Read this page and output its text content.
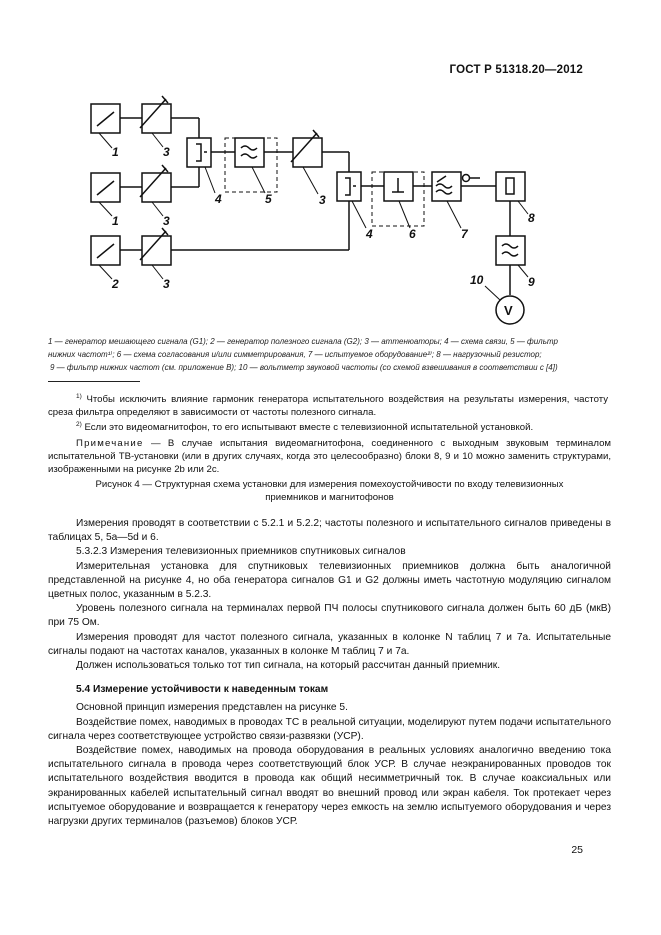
ГОСТ Р 51318.20—2012
1
1
2
3
3
3
3
4
4
5
6	7
8
9
10
V
1 — генератор мешающего сигнала (G1); 2 — генератор полезного сигнала (G2); 3 — аттенюаторы; 4 — схема связи, 5 — фильтр
нижних частот¹⁾; 6 — схема согласования и/или симметрирования, 7 — испытуемое оборудование²⁾; 8 — нагрузочный резистор;
9 — фильтр нижних частот (см. приложение В); 10 — вольтметр звуковой частоты (со схемой взвешивания в соответствии с [4])
$^{1)}$ Чтобы исключить влияние гармоник генератора испытательного воздействия на результаты измерения, частоту среза фильтра определяют в зависимости от частоты полезного сигнала.
$^{2)}$ Если это видеомагнитофон, то его испытывают вместе с телевизионной испытательной установкой.
Примечание — В случае испытания видеомагнитофона, соединенного с выходным звуковым терминалом испытательной ТВ-установки (или в других случаях, когда это целесообразно) блоки 8, 9 и 10 можно заменить структурами, изображенными на рисунке 2b или 2c.
Рисунок 4 — Структурная схема установки для измерения помехоустойчивости по входу телевизионных
приемников и магнитофонов

Измерения проводят в соответствии с 5.2.1 и 5.2.2; частоты полезного и испытательного сигналов приведены в таблицах 5, 5а—5d и 6.

5.3.2.3 Измерения телевизионных приемников спутниковых сигналов

Измерительная установка для спутниковых телевизионных приемников должна быть аналогичной представленной на рисунке 4, но оба генератора сигналов G1 и G2 должны иметь частотную модуляцию сигналом цветных полос, указанным в 5.2.3.

Уровень полезного сигнала на терминалах первой ПЧ полосы спутникового сигнала должен быть 60 дБ (мкВ) при 75 Ом.

Измерения проводят для частот полезного сигнала, указанных в колонке N таблиц 7 и 7а. Испытательные сигналы подают на частотах каналов, указанных в колонке M таблиц 7 и 7а.

Должен использоваться только тот тип сигнала, на который рассчитан данный приемник.

5.4 Измерение устойчивости к наведенным токам

Основной принцип измерения представлен на рисунке 5.

Воздействие помех, наводимых в проводах ТС в реальной ситуации, моделируют путем подачи испытательного сигнала через соответствующее устройство связи-развязки (УСР).

Воздействие помех, наводимых на провода оборудования в реальных условиях аналогично введению тока испытательного сигнала в провода через соответствующий блок УСР. В случае неэкранированных проводов ток испытательного воздействия вводится в провода как общий несимметричный ток. В случае коаксиальных или экранированных кабелей испытательный сигнал вводят во внешний провод или экран кабеля. Ток протекает через испытуемое оборудование и возвращается к генератору через емкость на землю испытуемого оборудования и через нагрузки других терминалов (разъемов) блоков УСР.

25
